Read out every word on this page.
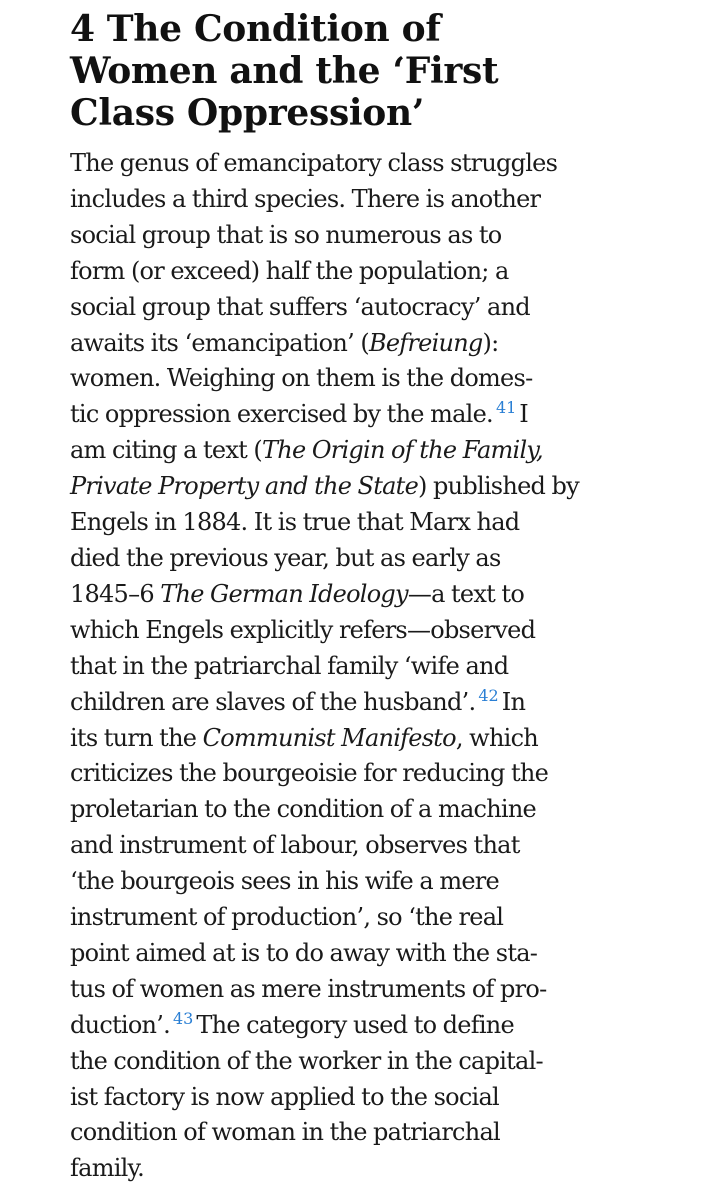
4 The Condition of
Women and the ‘First
Class Oppression’

The genus of emancipatory class struggles
includes a third species. There is another
social group that is so numerous as to
form (or exceed) half the population; a
social group that suffers ‘autocracy’ and
awaits its ‘emancipation’ (Befreiung):
women. Weighing on them is the domes-
tic oppression exercised by the male. $^{41}$ I
am citing a text (The Origin of the Family,
Private Property and the State) published by
Engels in 1884. It is true that Marx had
died the previous year, but as early as
1845–6 The German Ideology—a text to
which Engels explicitly refers—observed
that in the patriarchal family ‘wife and
children are slaves of the husband’. $^{42}$ In
its turn the Communist Manifesto, which
criticizes the bourgeoisie for reducing the
proletarian to the condition of a machine
and instrument of labour, observes that
‘the bourgeois sees in his wife a mere
instrument of production’, so ‘the real
point aimed at is to do away with the sta-
tus of women as mere instruments of pro-
duction’. $^{43}$ The category used to define
the condition of the worker in the capital-
ist factory is now applied to the social
condition of woman in the patriarchal
family.
